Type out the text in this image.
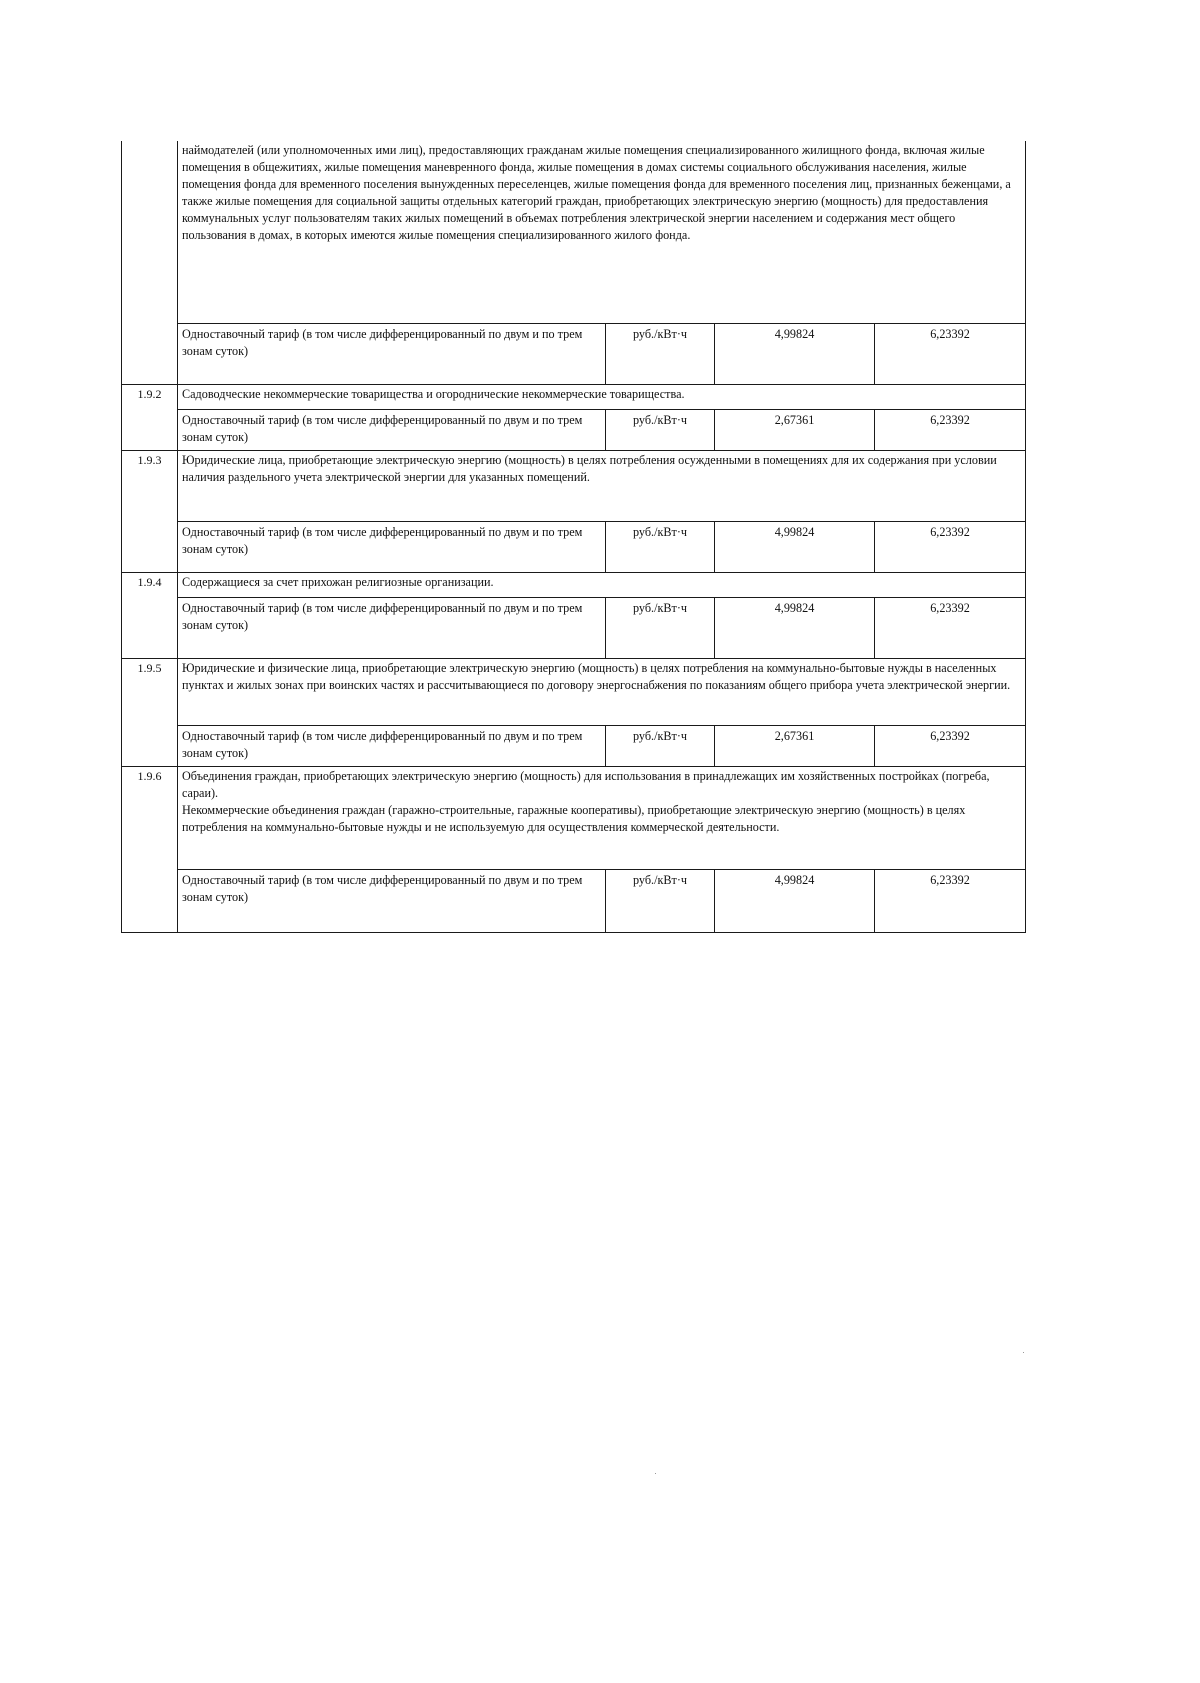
	наймодателей (или уполномоченных ими лиц), предоставляющих гражданам жилые помещения специализированного жилищного фонда, включая жилые помещения в общежитиях, жилые помещения маневренного фонда, жилые помещения в домах системы социального обслуживания населения, жилые помещения фонда для временного поселения вынужденных переселенцев, жилые помещения фонда для временного поселения лиц, признанных беженцами, а также жилые помещения для социальной защиты отдельных категорий граждан, приобретающих электрическую энергию (мощность) для предоставления коммунальных услуг пользователям таких жилых помещений в объемах потребления электрической энергии населением и содержания мест общего пользования в домах, в которых имеются жилые помещения специализированного жилого фонда.			
	Одноставочный тариф (в том числе дифференцированный по двум и по трем зонам суток)	руб./кВт·ч	4,99824	6,23392
1.9.2	Садоводческие некоммерческие товарищества и огороднические некоммерческие товарищества.			
	Одноставочный тариф (в том числе дифференцированный по двум и по трем зонам суток)	руб./кВт·ч	2,67361	6,23392
1.9.3	Юридические лица, приобретающие электрическую энергию (мощность) в целях потребления осужденными в помещениях для их содержания при условии наличия раздельного учета электрической энергии для указанных помещений.			
	Одноставочный тариф (в том числе дифференцированный по двум и по трем зонам суток)	руб./кВт·ч	4,99824	6,23392
1.9.4	Содержащиеся за счет прихожан религиозные организации.			
	Одноставочный тариф (в том числе дифференцированный по двум и по трем зонам суток)	руб./кВт·ч	4,99824	6,23392
1.9.5	Юридические и физические лица, приобретающие электрическую энергию (мощность) в целях потребления на коммунально-бытовые нужды в населенных пунктах и жилых зонах при воинских частях и рассчитывающиеся по договору энергоснабжения по показаниям общего прибора учета электрической энергии.			
	Одноставочный тариф (в том числе дифференцированный по двум и по трем зонам суток)	руб./кВт·ч	2,67361	6,23392
1.9.6	Объединения граждан, приобретающих электрическую энергию (мощность) для использования в принадлежащих им хозяйственных постройках (погреба, сараи).
Некоммерческие объединения граждан (гаражно-строительные, гаражные кооперативы), приобретающие электрическую энергию (мощность) в целях потребления на коммунально-бытовые нужды и не используемую для осуществления коммерческой деятельности.			

	Одноставочный тариф (в том числе дифференцированный по двум и по трем зонам суток)	руб./кВт·ч	4,99824	6,23392
